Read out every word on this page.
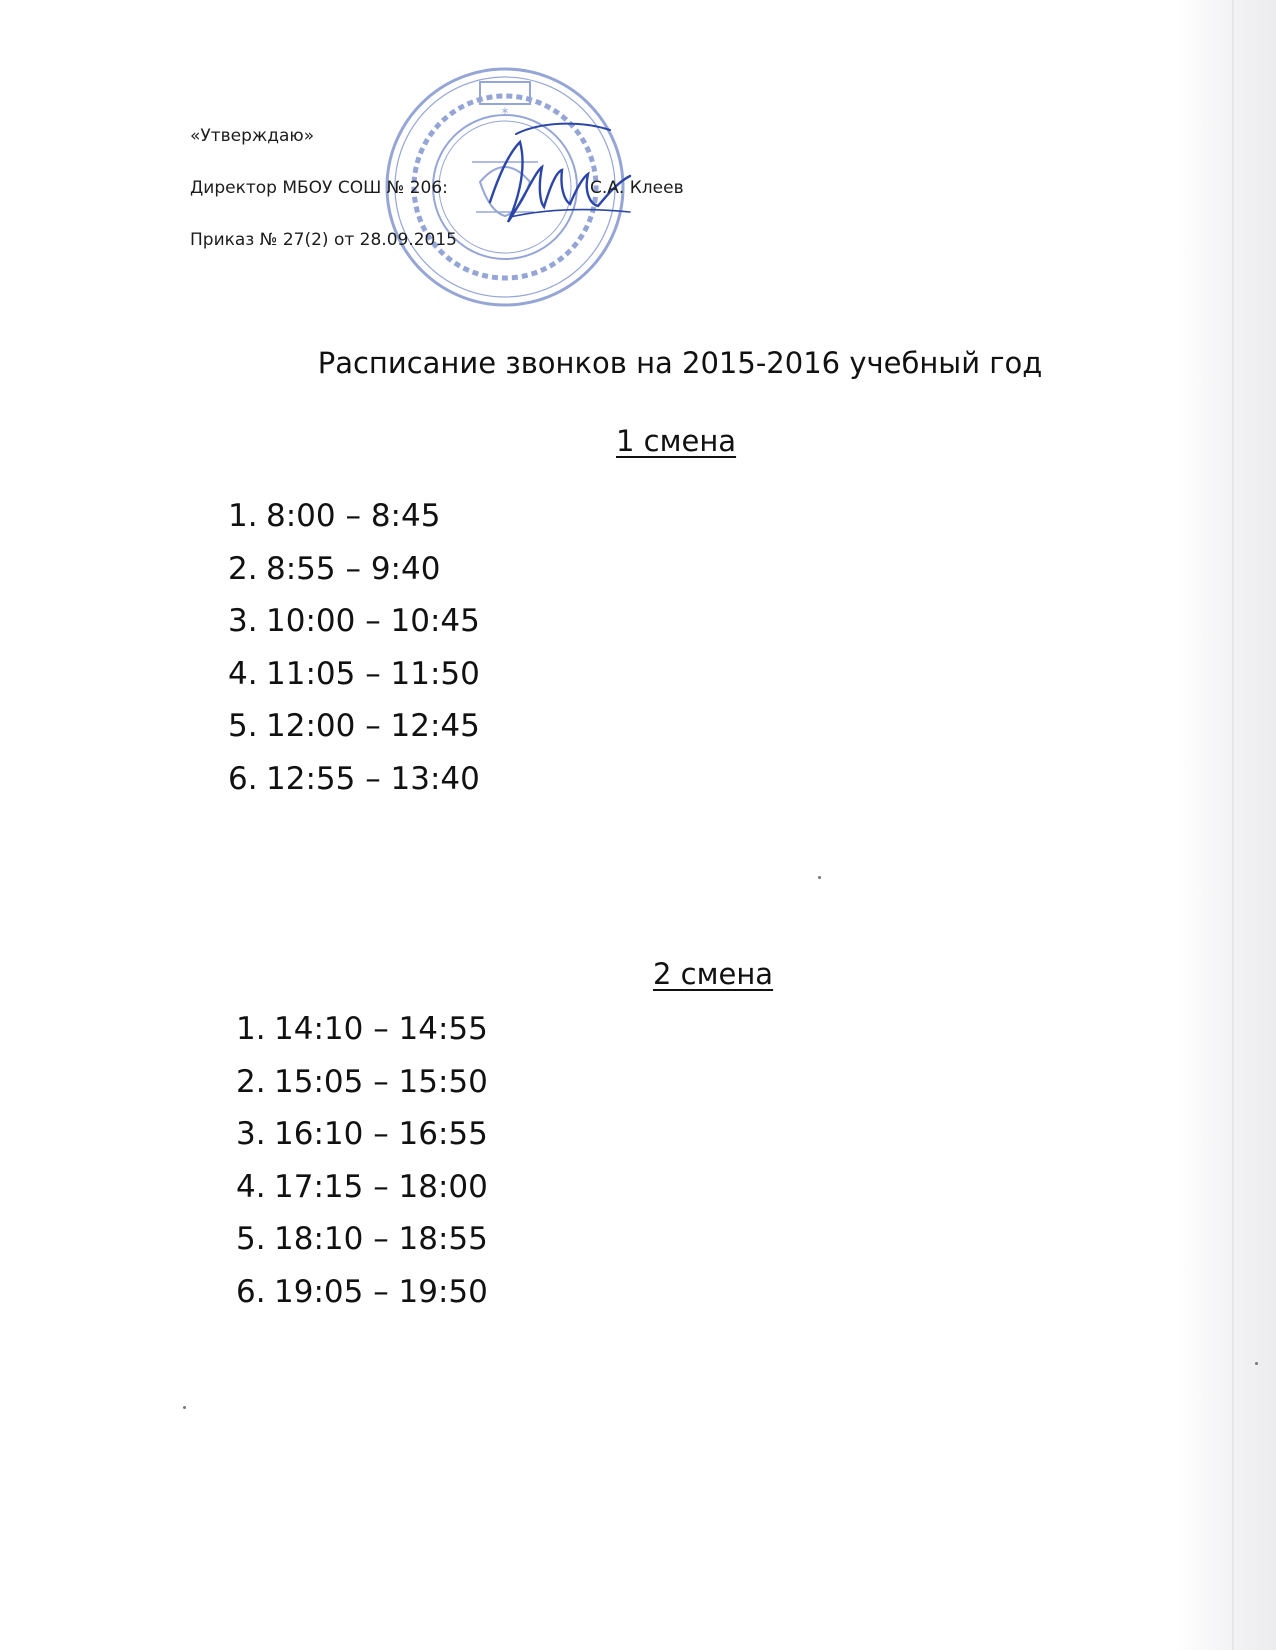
*
«Утверждаю»
Директор МБОУ СОШ № 206:	С.А. Клеев
Приказ № 27(2) от 28.09.2015
Расписание звонков на 2015-2016 учебный год
1 смена
1. 8:00 – 8:45
2. 8:55 – 9:40
3. 10:00 – 10:45
4. 11:05 – 11:50
5. 12:00 – 12:45
6. 12:55 – 13:40
2 смена
1. 14:10 – 14:55
2. 15:05 – 15:50
3. 16:10 – 16:55
4. 17:15 – 18:00
5. 18:10 – 18:55
6. 19:05 – 19:50
